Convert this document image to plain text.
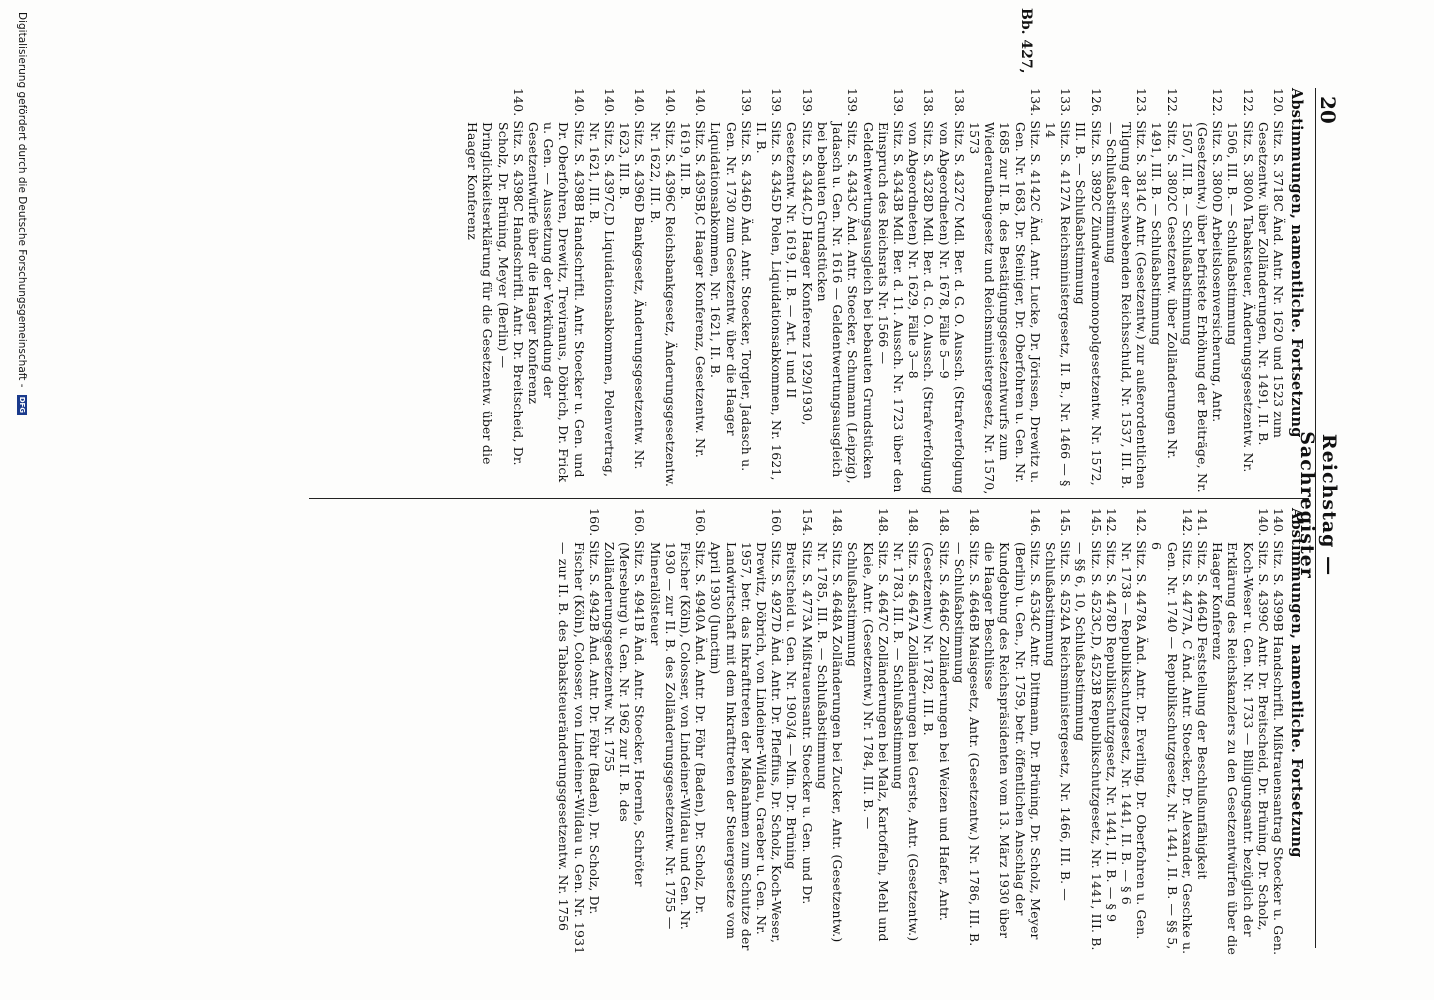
20
Reichstag — Sachregister
Bb. 427,
Abstimmungen, namentliche. Fortsetzung

120. Sitz. S. 3718C Änd. Antr. Nr. 1620 und 1523 zum Gesetzentw. über Zolländerungen, Nr. 1491, II. B.

122. Sitz. S. 3800A Tabaksteuer, Änderungsgesetzentw. Nr. 1506, III. B. — Schlußabstimmung

122. Sitz. S. 3800D Arbeitslosenversicherung, Antr. (Gesetzentw.) über befristete Erhöhung der Beiträge, Nr. 1507, III. B. — Schlußabstimmung

122. Sitz. S. 3802C Gesetzentw. über Zolländerungen Nr. 1491, III. B. — Schlußabstimmung

123. Sitz. S. 3814C Antr. (Gesetzentw.) zur außerordentlichen Tilgung der schwebenden Reichsschuld, Nr. 1537, III. B. — Schlußabstimmung

126. Sitz. S. 3892C Zündwarenmonopolgesetzentw. Nr. 1572, III. B. — Schlußabstimmung

133. Sitz. S. 4127A Reichsministergesetz, II. B., Nr. 1466 — § 14

134. Sitz. S. 4142C Änd. Antr. Lucke, Dr. Jörissen, Drewitz u. Gen. Nr. 1683, Dr. Steiniger, Dr. Oberfohren u. Gen. Nr. 1685 zur II. B. des Bestätigungsgesetzentwurfs zum Wiederaufbaugesetz und Reichsministergesetz, Nr. 1570, 1573

138. Sitz. S. 4327C Mdl. Ber. d. G. O. Aussch. (Strafverfolgung von Abgeordneten) Nr. 1678, Fälle 5—9

138. Sitz. S. 4328D Mdl. Ber. d. G. O. Aussch. (Strafverfolgung von Abgeordneten) Nr. 1629, Fälle 3—8

139. Sitz. S. 4343B Mdl. Ber. d. 11. Aussch. Nr. 1723 über den Einspruch des Reichsrats Nr. 1566 — Geldentwertungsausgleich bei bebauten Grundstücken

139. Sitz. S. 4343C Änd. Antr. Stoecker, Schumann (Leipzig), Jadasch u. Gen. Nr. 1616 — Geldentwertungsausgleich bei bebauten Grundstücken

139. Sitz. S. 4344C,D Haager Konferenz 1929/1930, Gesetzentw. Nr. 1619, II. B. — Art. I und II

139. Sitz. S. 4345D Polen, Liquidationsabkommen, Nr. 1621, II. B.

139. Sitz. S. 4346D Änd. Antr. Stoecker, Torgler, Jadasch u. Gen. Nr. 1730 zum Gesetzentw. über die Haager Liquidationsabkommen, Nr. 1621, II. B.

140. Sitz. S. 4395B,C Haager Konferenz, Gesetzentw. Nr. 1619, III. B.

140. Sitz. S. 4396C Reichsbankgesetz, Änderungsgesetzentw. Nr. 1622, III. B.

140. Sitz. S. 4396D Bankgesetz, Änderungsgesetzentw. Nr. 1623, III. B.

140. Sitz. S. 4397C,D Liquidationsabkommen, Polenvertrag, Nr. 1621, III. B.

140. Sitz. S. 4398B Handschriftl. Antr. Stoecker u. Gen. und Dr. Oberfohren, Drewitz, Treviranus, Döbrich, Dr. Frick u. Gen. — Aussetzung der Verkündung der Gesetzentwürfe über die Haager Konferenz

140. Sitz. S. 4398C Handschriftl. Antr. Dr. Breitscheid, Dr. Scholz, Dr. Brüning, Meyer (Berlin) — Dringlichkeitserklärung für die Gesetzentw. über die Haager Konferenz

Abstimmungen, namentliche. Fortsetzung

140. Sitz. S. 4399B Handschriftl. Mißtrauensantrag Stoecker u. Gen.

140. Sitz. S. 4399C Antr. Dr. Breitscheid, Dr. Brüning, Dr. Scholz, Koch-Weser u. Gen. Nr. 1733 — Billigungsantr. bezüglich der Erklärung des Reichskanzlers zu den Gesetzentwürfen über die Haager Konferenz

141. Sitz. S. 4464D Feststellung der Beschlußunfähigkeit

142. Sitz. S. 4477A, C Änd. Antr. Stoecker, Dr. Alexander, Geschke u. Gen. Nr. 1740 — Republikschutzgesetz, Nr. 1441, II. B. — §§ 5, 6

142. Sitz. S. 4478A Änd. Antr. Dr. Everling, Dr. Oberfohren u. Gen. Nr. 1738 — Republikschutzgesetz, Nr. 1441, II. B. — § 6

142. Sitz. S. 4478D Republikschutzgesetz, Nr. 1441, II. B. — § 9

145. Sitz. S. 4523C,D, 4523B Republikschutzgesetz, Nr. 1441, III. B. — §§ 6, 10, Schlußabstimmung

145. Sitz. S. 4524A Reichsministergesetz, Nr. 1466, III. B. — Schlußabstimmung

146. Sitz. S. 4534C Antr. Dittmann, Dr. Brüning, Dr. Scholz, Meyer (Berlin) u. Gen., Nr. 1759, betr. öffentlichen Anschlag der Kundgebung des Reichspräsidenten vom 13. März 1930 über die Haager Beschlüsse

148. Sitz. S. 4646B Maisgesetz, Antr. (Gesetzentw.) Nr. 1786, III. B. — Schlußabstimmung

148. Sitz. S. 4646C Zolländerungen bei Weizen und Hafer, Antr. (Gesetzentw.) Nr. 1782, III. B.

148. Sitz. S. 4647A Zolländerungen bei Gerste, Antr. (Gesetzentw.) Nr. 1783, III. B. — Schlußabstimmung

148. Sitz. S. 4647C Zolländerungen bei Malz, Kartoffeln, Mehl und Kleie, Antr. (Gesetzentw.) Nr. 1784, III. B. — Schlußabstimmung

148. Sitz. S. 4648A Zolländerungen bei Zucker, Antr. (Gesetzentw.) Nr. 1785, III. B. — Schlußabstimmung

154. Sitz. S. 4773A Mißtrauensantr. Stoecker u. Gen. und Dr. Breitscheid u. Gen. Nr. 1903/4 — Min. Dr. Brüning

160. Sitz. S. 4927D Änd. Antr. Dr. Pfleffius, Dr. Scholz, Koch-Weser, Drewitz, Döbrich, von Lindeiner-Wildau, Graeber u. Gen. Nr. 1957, betr. das Inkrafttreten der Maßnahmen zum Schutze der Landwirtschaft mit dem Inkrafttreten der Steuergesetze vom April 1930 (Junctim)

160. Sitz. S. 4940A Änd. Antr. Dr. Föhr (Baden), Dr. Scholz, Dr. Fischer (Köln), Colosser, von Lindeiner-Wildau und Gen. Nr. 1930 — zur II. B. des Zolländerungsgesetzentw. Nr. 1755 — Mineralölsteuer

160. Sitz. S. 4941B Änd. Antr. Stoecker, Hoernle, Schröter (Merseburg) u. Gen. Nr. 1962 zur II. B. des Zolländerungsgesetzentw. Nr. 1755

160. Sitz. S. 4942B Änd. Antr. Dr. Föhr (Baden), Dr. Scholz, Dr. Fischer (Köln), Colosser, von Lindeiner-Wildau u. Gen. Nr. 1931 — zur II. B. des Tabaksteueränderungsgesetzentw. Nr. 1756

Digitalisierung gefördert durch die Deutsche Forschungsgemeinschaft - DFG
